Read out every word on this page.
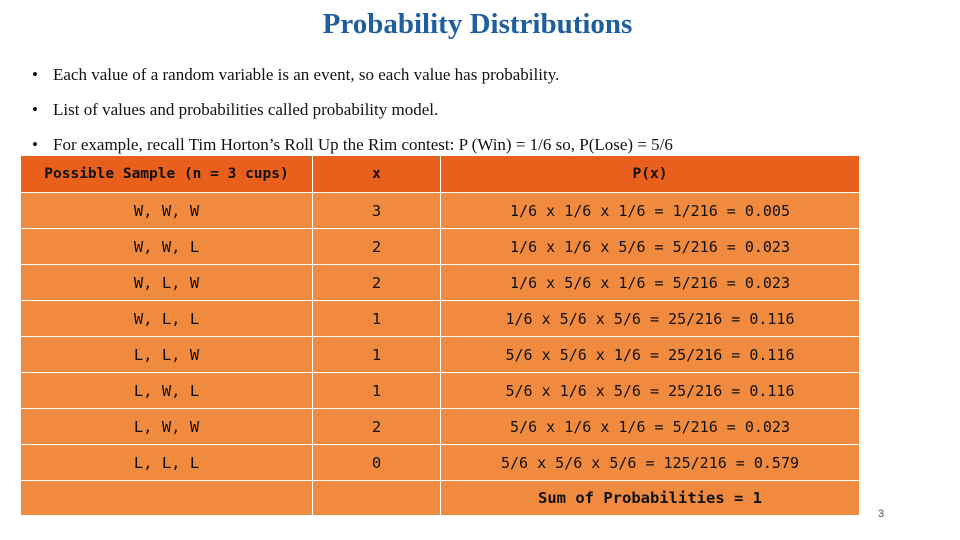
Probability Distributions
• Each value of a random variable is an event, so each value has probability.
• List of values and probabilities called probability model.
• For example, recall Tim Horton’s Roll Up the Rim contest: P (Win) = 1/6 so, P(Lose) = 5/6
Possible Sample (n = 3 cups)	x	P(x)
W, W, W	3	1/6 x 1/6 x 1/6 = 1/216 = 0.005
W, W, L	2	1/6 x 1/6 x 5/6 = 5/216 = 0.023
W, L, W	2	1/6 x 5/6 x 1/6 = 5/216 = 0.023
W, L, L	1	1/6 x 5/6 x 5/6 = 25/216 = 0.116
L, L, W	1	5/6 x 5/6 x 1/6 = 25/216 = 0.116
L, W, L	1	5/6 x 1/6 x 5/6 = 25/216 = 0.116
L, W, W	2	5/6 x 1/6 x 1/6 = 5/216 = 0.023
L, L, L	0	5/6 x 5/6 x 5/6 = 125/216 = 0.579
		Sum of Probabilities = 1
3
